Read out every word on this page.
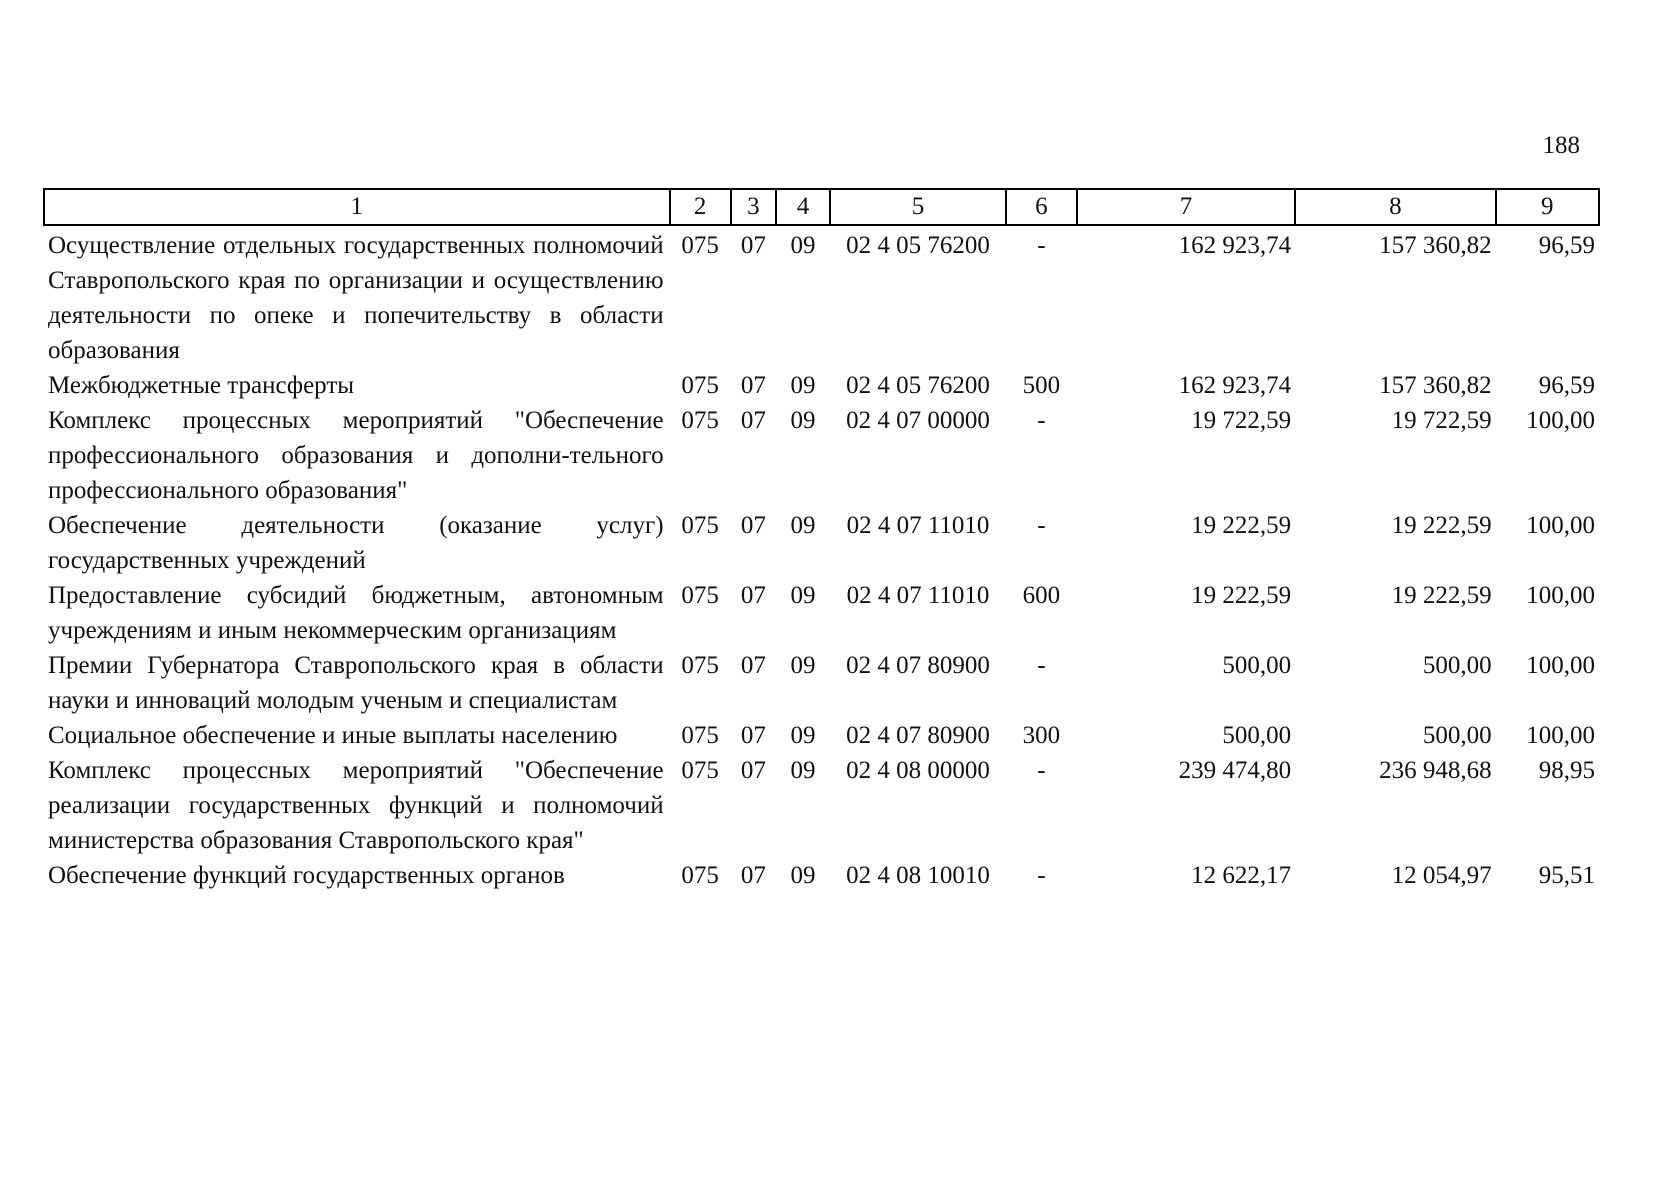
188
1	2	3	4	5	6	7	8	9
Осуществление отдельных государственных полномочий Ставропольского края по организации и осуществлению деятельности по опеке и попечительству в области образования	075	07	09	02 4 05 76200	-	162 923,74	157 360,82	96,59
Межбюджетные трансферты	075	07	09	02 4 05 76200	500	162 923,74	157 360,82	96,59
Комплекс процессных мероприятий "Обеспечение профессионального образования и дополни-тельного профессионального образования"	075	07	09	02 4 07 00000	-	19 722,59	19 722,59	100,00
Обеспечение деятельности (оказание услуг) государственных учреждений	075	07	09	02 4 07 11010	-	19 222,59	19 222,59	100,00
Предоставление субсидий бюджетным, автономным учреждениям и иным некоммерческим организациям	075	07	09	02 4 07 11010	600	19 222,59	19 222,59	100,00
Премии Губернатора Ставропольского края в области науки и инноваций молодым ученым и специалистам	075	07	09	02 4 07 80900	-	500,00	500,00	100,00
Социальное обеспечение и иные выплаты населению	075	07	09	02 4 07 80900	300	500,00	500,00	100,00
Комплекс процессных мероприятий "Обеспечение реализации государственных функций и полномочий министерства образования Ставропольского края"	075	07	09	02 4 08 00000	-	239 474,80	236 948,68	98,95
Обеспечение функций государственных органов	075	07	09	02 4 08 10010	-	12 622,17	12 054,97	95,51
